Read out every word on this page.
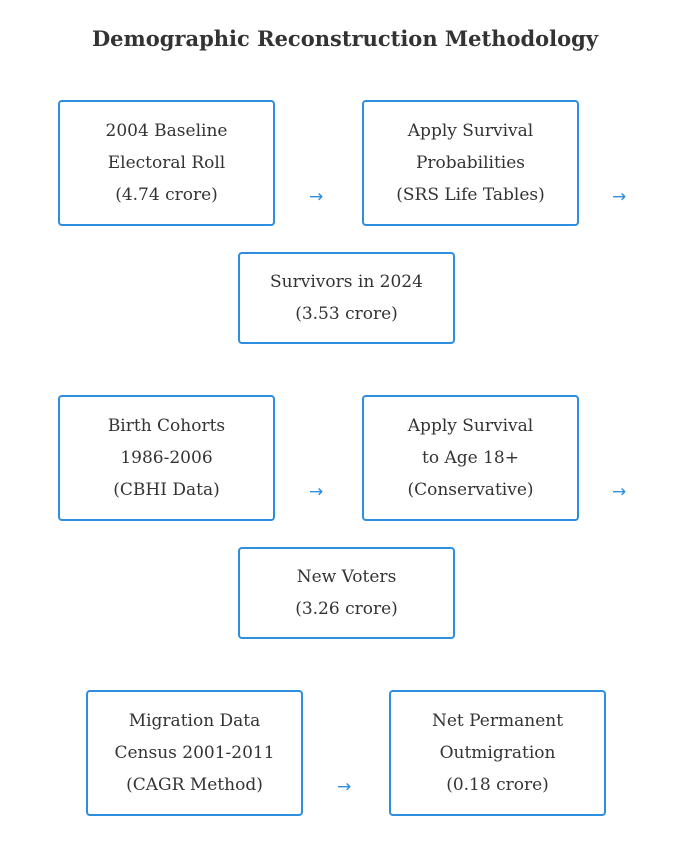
Demographic Reconstruction Methodology
2004 Baseline
Electoral Roll
(4.74 crore)	→
Apply Survival
Probabilities
(SRS Life Tables)	→
Survivors in 2024
(3.53 crore)
Birth Cohorts
1986-2006
(CBHI Data)	→
Apply Survival
to Age 18+
(Conservative)	→
New Voters
(3.26 crore)
Migration Data
Census 2001-2011
(CAGR Method)	→
Net Permanent
Outmigration
(0.18 crore)
